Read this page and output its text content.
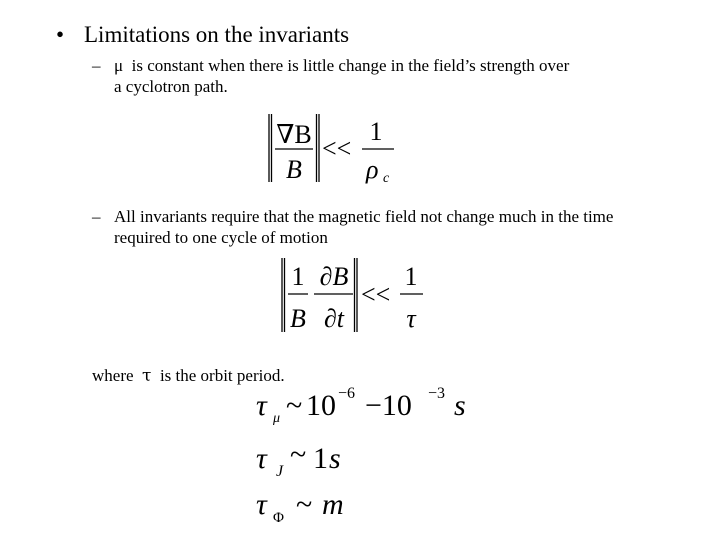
• Limitations on the invariants
– μ is constant when there is little change in the field’s strength over
a cyclotron path.
∇B
B
<<
1
ρ c
– All invariants require that the magnetic field not change much in the time
required to one cycle of motion
1
B
∂B
∂t
<<
1
τ
where τ is the orbit period.
τ μ ~ 10 −6 −10 −3 s
τ J
~ 1 s
τ Φ ~ m
